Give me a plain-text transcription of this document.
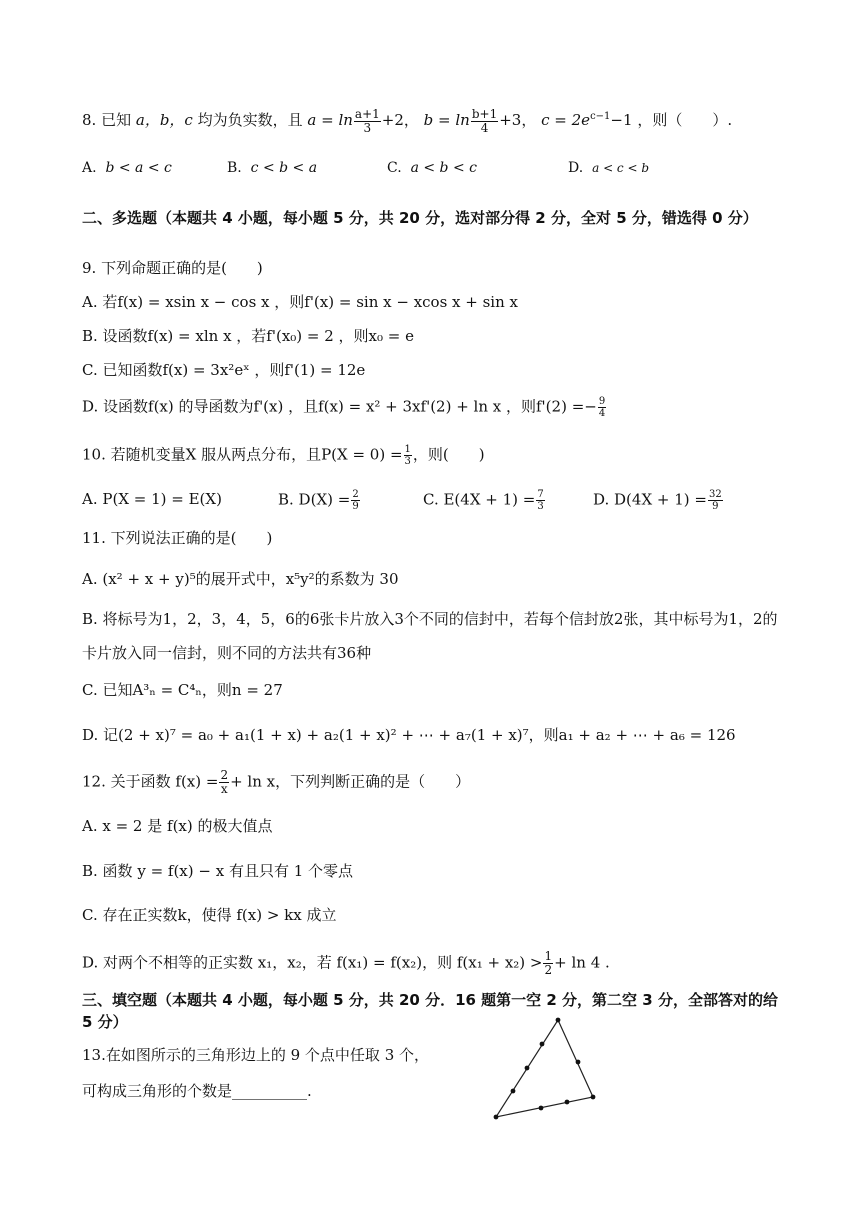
8. 已知 a，b，c 均为负实数，且 $a = \ln \frac{a+1}{3} +2$， $b = \ln \frac{b+1}{4} +3$， $c = 2e^{c-1}-1$ ，则（　　）.
A. b < a < c	B. c < b < a	C. a < b < c	D. a < c < b
二、多选题（本题共 4 小题，每小题 5 分，共 20 分，选对部分得 2 分，全对 5 分，错选得 0 分）
9. 下列命题正确的是(　　)
A. 若f(x) = xsin x − cos x ，则f'(x) = sin x − xcos x + sin x
B. 设函数f(x) = xln x ，若f'(x₀) = 2 ，则x₀ = e
C. 已知函数f(x) = 3x²eˣ ，则f'(1) = 12e
D. 设函数f(x) 的导函数为f'(x) ，且f(x) = x² + 3xf'(2) + ln x ，则$f'(2) =- \frac{9}{4}$
10. 若随机变量X 服从两点分布，且$P(X = 0) = \frac{1}{3}$ ，则(　　)
A. P(X = 1) = E(X)	B. $D(X) = \frac{2}{9}$	C. $E(4X + 1) = \frac{7}{3}$	D. $D(4X + 1) = \frac{32}{9}$
11. 下列说法正确的是(　　)
A. (x² + x + y)⁵的展开式中，x⁵y²的系数为 30
B. 将标号为1，2，3，4，5，6的6张卡片放入3个不同的信封中，若每个信封放2张，其中标号为1，2的卡片放入同一信封，则不同的方法共有36种
C. 已知A³ₙ = C⁴ₙ，则n = 27
D. 记(2 + x)⁷ = a₀ + a₁(1 + x) + a₂(1 + x)² + ⋯ + a₇(1 + x)⁷，则a₁ + a₂ + ⋯ + a₆ = 126
12. 关于函数 $f(x) = \frac{2}{x} + \ln x$，下列判断正确的是（　　）
A. x = 2 是 f(x) 的极大值点
B. 函数 y = f(x) − x 有且只有 1 个零点
C. 存在正实数k，使得 f(x) > kx 成立
D. 对两个不相等的正实数 x₁，x₂，若 f(x₁) = f(x₂)，则 $f(x_1 + x_2) > \frac{1}{2} + \ln 4$ .
三、填空题（本题共 4 小题，每小题 5 分，共 20 分．16 题第一空 2 分，第二空 3 分，全部答对的给 5 分）
13.在如图所示的三角形边上的 9 个点中任取 3 个，
可构成三角形的个数是__________.
